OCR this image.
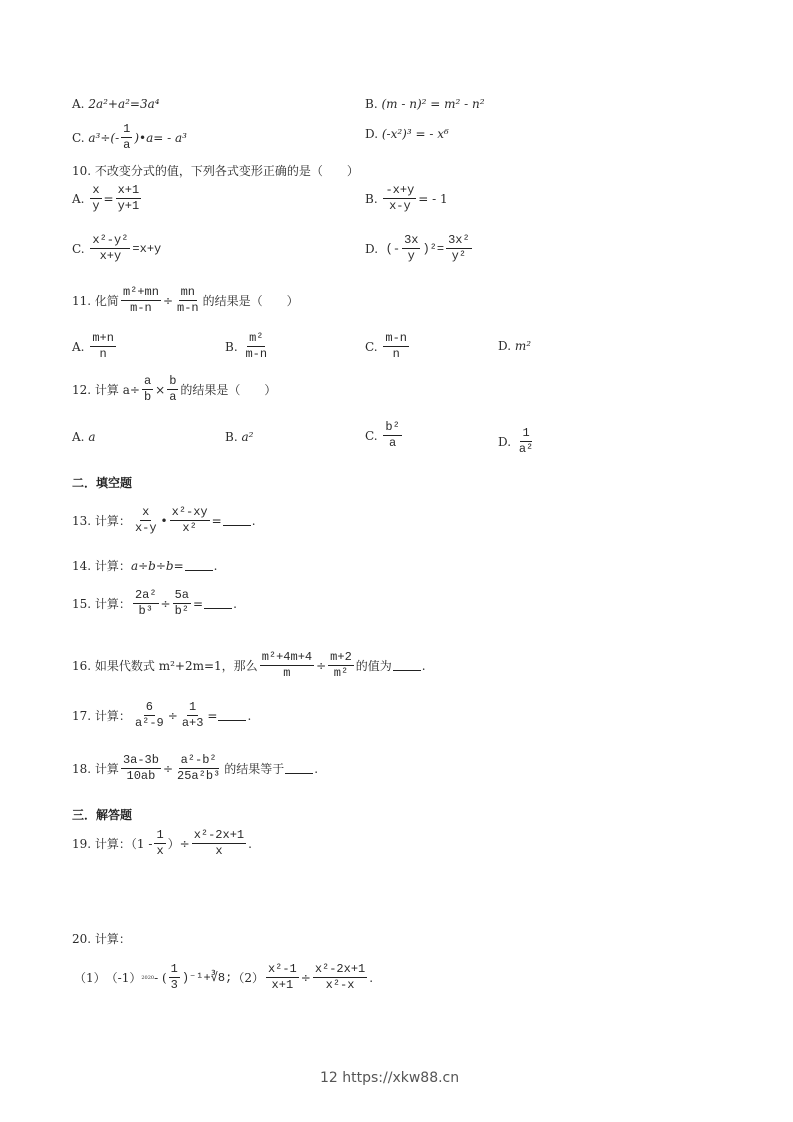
A.
2a²+a²=3a⁴	B.
(m - n)² = m² - n²
C.
$a^3\div(- \frac{1}{a}$ )•a= - a³	D.
(-x²)³ = - x⁶
10.
不改变分式的值，下列各式变形正确的是（　　）
A.
$\frac{x}{y} = \frac{x+1}{y+1}$	B.
$\frac{-x+y}{x-y}$ = - 1
C.
$\frac{\text{x²-y²}}{x+y} =x+y$	D.
(- $\frac{3x}{y} )^2= \frac{\text{3x²}}{\text{y²}}$
11.
化简 $\frac{\text{m²+mn}}{m-n} \div \frac{mn}{m-n}$ 的结果是（　　）
A.
$\frac{m+n}{n}$	B.
$\frac{\text{m²}}{m-n}$	C.
$\frac{m-n}{n}$	D.
m²
12.
计算 $a\div \frac{a}{b} \times \frac{b}{a}$ 的结果是（　　）
A.
a	B.
a²	C.
$\frac{\text{b²}}{a}$	D.
$\frac{1}{\text{a²}}$
二．填空题
13.
计算： $\frac{x}{x-y}$ • $\frac{\text{x²-xy}}{\text{x²}}$ =	.
14.
计算： a÷b÷b=	.
15.
计算： $\frac{\text{2a²}}{\text{b³}} \div \frac{5a}{\text{b²}}$ =	.
16.
如果代数式 m²+2m=1，那么 $\frac{\text{m²+4m+4}}{m} \div \frac{m+2}{\text{m²}}$ 的值为	.
17.
计算： $\frac{6}{\text{a²-9}} \div \frac{1}{a+3}$ =	.
18.
计算 $\frac{3a-3b}{10ab} \div \frac{\text{a²-b²}}{\text{25a²b³}}$ 的结果等于	.
三．解答题
19.
计算：（$1 - \frac{1}{x}$ ）÷ $\frac{\text{x²-2x+1}}{x}$ .
20.
计算：
（1） （-1） 2020 - ( $\frac{1}{3}$ )⁻¹+∛8; $(2) \frac{\text{x²-1}}{x+1} \div \frac{\text{x²-2x+1}}{\text{x²-x}}$ .
12 https://xkw88.cn
